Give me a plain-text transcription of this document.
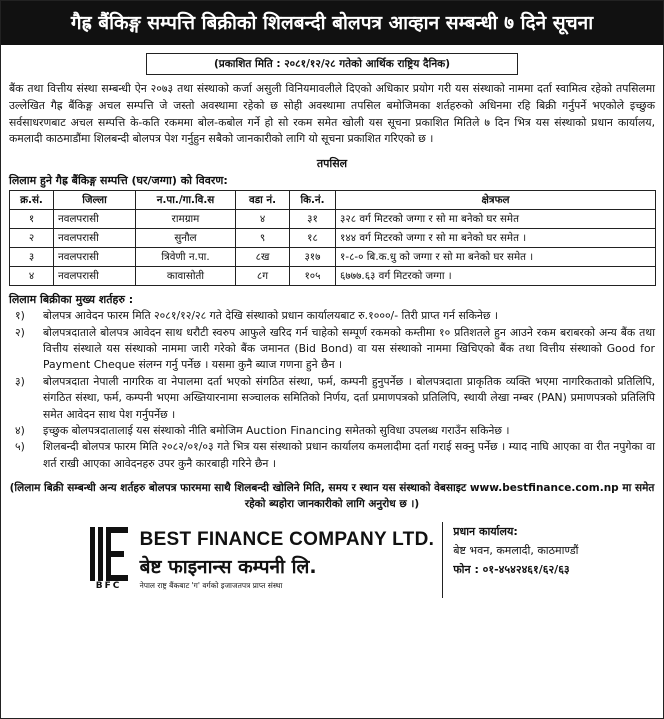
गैह्र बैंकिङ्ग सम्पत्ति बिक्रीको शिलबन्दी बोलपत्र आव्हान सम्बन्धी ७ दिने सूचना
(प्रकाशित मिति : २०८१/१२/२८ गतेको आर्थिक राष्ट्रिय दैनिक)
बैंक तथा वित्तीय संस्था सम्बन्धी ऐन २०७३ तथा संस्थाको कर्जा असुली विनियमावलीले दिएको अधिकार प्रयोग गरी यस संस्थाको नाममा दर्ता स्वामित्व रहेको तपसिलमा उल्लेखित गैह्र बैंकिङ्ग अचल सम्पत्ति जे जस्तो अवस्थामा रहेको छ सोही अवस्थामा तपसिल बमोजिमका शर्तहरुको अधिनमा रहि बिक्री गर्नुपर्ने भएकोले इच्छुक सर्वसाधरणबाट अचल सम्पत्ति के-कति रकममा बोल-कबोल गर्ने हो सो रकम समेत खोली यस सूचना प्रकाशित मितिले ७ दिन भित्र यस संस्थाको प्रधान कार्यालय, कमलादी काठमाडौंमा शिलबन्दी बोलपत्र पेश गर्नुहुन सबैको जानकारीको लागि यो सूचना प्रकाशित गरिएको छ ।
तपसिल
लिलाम हुने गैह्र बैंकिङ्ग सम्पत्ति (घर/जग्गा) को विवरण:
क्र.सं.	जिल्ला	न.पा./गा.वि.स	वडा नं.	कि.नं.	क्षेत्रफल
१	नवलपरासी	रामग्राम	४	३१	३२८ वर्ग मिटरको जग्गा र सो मा बनेको घर समेत
२	नवलपरासी	सुनौल	९	१८	१४४ वर्ग मिटरको जग्गा र सो मा बनेको घर समेत ।
३	नवलपरासी	त्रिवेणी न.पा.	८ख	३१७	१-८-० बि.क.धु को जग्गा र सो मा बनेको घर समेत ।
४	नवलपरासी	कावासोती	८ग	१०५	६७७७.६३ वर्ग मिटरको जग्गा ।
लिलाम बिक्रीका मुख्य शर्तहरु :
१)	बोलपत्र आवेदन फारम मिति २०८१/१२/२८ गते देखि संस्थाको प्रधान कार्यालयबाट रु.१०००/- तिरी प्राप्त गर्न सकिनेछ ।
२)	बोलपत्रदाताले बोलपत्र आवेदन साथ धरौटी स्वरुप आफुले खरिद गर्न चाहेको सम्पूर्ण रकमको कम्तीमा १० प्रतिशतले हुन आउने रकम बराबरको अन्य बैंक तथा वित्तीय संस्थाले यस संस्थाको नाममा जारी गरेको बैंक जमानत (Bid Bond) वा यस संस्थाको नाममा खिचिएको बैंक तथा वित्तीय संस्थाको Good for Payment Cheque संलग्न गर्नु पर्नेछ । यसमा कुनै ब्याज गणना हुने छैन ।
३)	बोलपत्रदाता नेपाली नागरिक वा नेपालमा दर्ता भएको संगठित संस्था, फर्म, कम्पनी हुनुपर्नेछ । बोलपत्रदाता प्राकृतिक व्यक्ति भएमा नागरिकताको प्रतिलिपि, संगठित संस्था, फर्म, कम्पनी भएमा अख्तियारनामा सञ्चालक समितिको निर्णय, दर्ता प्रमाणपत्रको प्रतिलिपि, स्थायी लेखा नम्बर (PAN) प्रमाणपत्रको प्रतिलिपि समेत आवेदन साथ पेश गर्नुपर्नेछ ।
४)	इच्छुक बोलपत्रदातालाई यस संस्थाको नीति बमोजिम Auction Financing समेतको सुविधा उपलब्ध गराउँन सकिनेछ ।
५)	शिलबन्दी बोलपत्र फारम मिति २०८२/०१/०३ गते भित्र यस संस्थाको प्रधान कार्यालय कमलादीमा दर्ता गराई सक्नु पर्नेछ । म्याद नाघि आएका वा रीत नपुगेका वा शर्त राखी आएका आवेदनहरु उपर कुनै कारबाही गरिने छैन ।
(लिलाम बिक्री सम्बन्धी अन्य शर्तहरु बोलपत्र फारममा साथै शिलबन्दी खोलिने मिति, समय र स्थान यस संस्थाको वेबसाइट www.bestfinance.com.np मा समेत रहेको ब्यहोरा जानकारीको लागि अनुरोध छ ।)
BFC
BEST FINANCE COMPANY LTD.
बेष्ट फाइनान्स कम्पनी लि.
नेपाल राष्ट्र बैंकबाट 'ग' वर्गको इजाजतपत्र प्राप्त संस्था
प्रधान कार्यालय:
बेष्ट भवन, कमलादी, काठमाण्डौं
फोन : ०१-४५४२४६१/६२/६३
